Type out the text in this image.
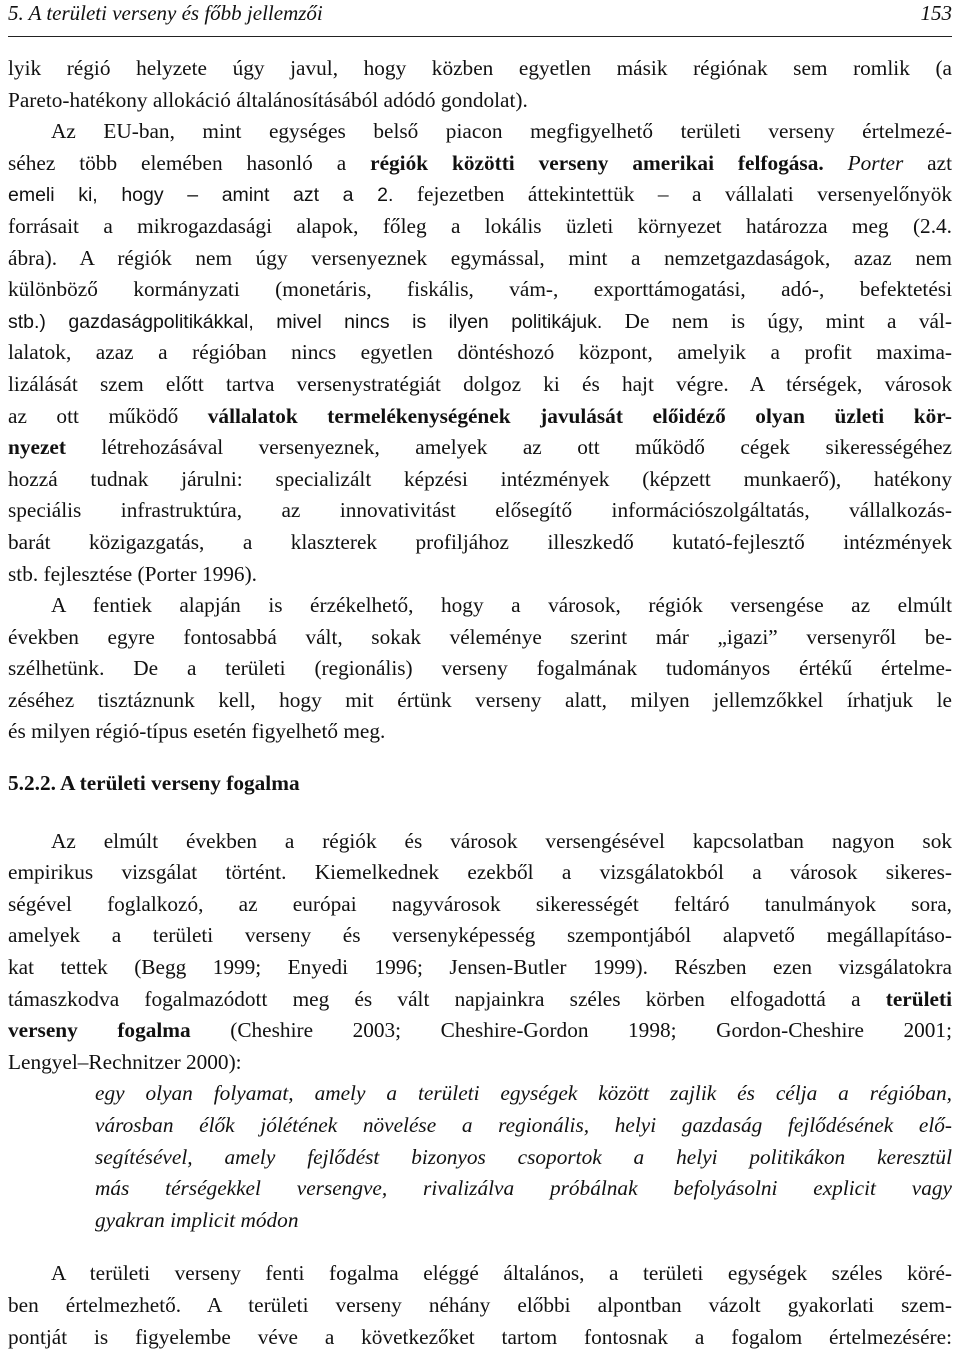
5. A területi verseny és főbb jellemzői	153

lyik régió helyzete úgy javul, hogy közben egyetlen másik régiónak sem romlik (a

Pareto-hatékony allokáció általánosításából adódó gondolat).

Az EU-ban, mint egységes belső piacon megfigyelhető területi verseny értelmezé-

séhez több elemében hasonló a régiók közötti verseny amerikai felfogása. Porter azt

emeli ki, hogy – amint azt a 2. fejezetben áttekintettük – a vállalati versenyelőnyök

forrásait a mikrogazdasági alapok, főleg a lokális üzleti környezet határozza meg (2.4.

ábra). A régiók nem úgy versenyeznek egymással, mint a nemzetgazdaságok, azaz nem

különböző kormányzati (monetáris, fiskális, vám-, exporttámogatási, adó-, befektetési

stb.) gazdaságpolitikákkal, mivel nincs is ilyen politikájuk. De nem is úgy, mint a vál-

lalatok, azaz a régióban nincs egyetlen döntéshozó központ, amelyik a profit maxima-

lizálását szem előtt tartva versenystratégiát dolgoz ki és hajt végre. A térségek, városok

az ott működő vállalatok termelékenységének javulását előidéző olyan üzleti kör-

nyezet létrehozásával versenyeznek, amelyek az ott működő cégek sikerességéhez

hozzá tudnak járulni: specializált képzési intézmények (képzett munkaerő), hatékony

speciális infrastruktúra, az innovativitást elősegítő információszolgáltatás, vállalkozás-

barát közigazgatás, a klaszterek profiljához illeszkedő kutató-fejlesztő intézmények

stb. fejlesztése (Porter 1996).

A fentiek alapján is érzékelhető, hogy a városok, régiók versengése az elmúlt

években egyre fontosabbá vált, sokak véleménye szerint már „igazi” versenyről be-

szélhetünk. De a területi (regionális) verseny fogalmának tudományos értékű értelme-

zéséhez tisztáznunk kell, hogy mit értünk verseny alatt, milyen jellemzőkkel írhatjuk le

és milyen régió-típus esetén figyelhető meg.

5.2.2. A területi verseny fogalma

Az elmúlt években a régiók és városok versengésével kapcsolatban nagyon sok

empirikus vizsgálat történt. Kiemelkednek ezekből a vizsgálatokból a városok sikeres-

ségével foglalkozó, az európai nagyvárosok sikerességét feltáró tanulmányok sora,

amelyek a területi verseny és versenyképesség szempontjából alapvető megállapításo-

kat tettek (Begg 1999; Enyedi 1996; Jensen-Butler 1999). Részben ezen vizsgálatokra

támaszkodva fogalmazódott meg és vált napjainkra széles körben elfogadottá a területi

verseny fogalma (Cheshire 2003; Cheshire-Gordon 1998; Gordon-Cheshire 2001;

Lengyel–Rechnitzer 2000):

egy olyan folyamat, amely a területi egységek között zajlik és célja a régióban,

városban élők jólétének növelése a regionális, helyi gazdaság fejlődésének elő-

segítésével, amely fejlődést bizonyos csoportok a helyi politikákon keresztül

más térségekkel versengve, rivalizálva próbálnak befolyásolni explicit vagy

gyakran implicit módon

A területi verseny fenti fogalma eléggé általános, a területi egységek széles köré-

ben értelmezhető. A területi verseny néhány előbbi alpontban vázolt gyakorlati szem-

pontját is figyelembe véve a következőket tartom fontosnak a fogalom értelmezésére:
